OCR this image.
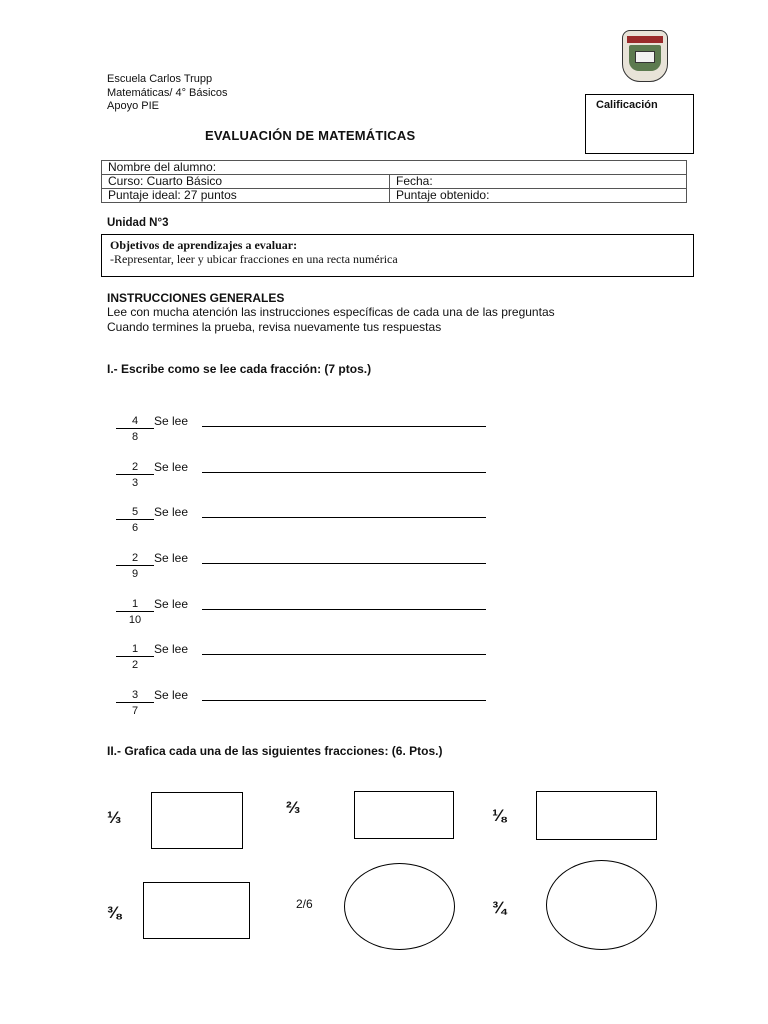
Escuela Carlos Trupp
Matemáticas/ 4° Básicos
Apoyo PIE	Calificación
EVALUACIÓN DE MATEMÁTICAS
Nombre del alumno:	
Curso: Cuarto Básico	Fecha:
Puntaje ideal: 27 puntos	Puntaje obtenido:
Unidad N°3
Objetivos de aprendizajes a evaluar:
-Representar, leer y ubicar fracciones en una recta numérica
INSTRUCCIONES GENERALES
Lee con mucha atención las instrucciones específicas de cada una de las preguntas
Cuando termines la prueba, revisa nuevamente tus respuestas
I.- Escribe como se lee cada fracción: (7 ptos.)
$\frac{4}{8}$
Se lee
$\frac{2}{3}$
Se lee
$\frac{5}{6}$
Se lee
$\frac{2}{9}$
Se lee
$\frac{1}{10}$
Se lee
$\frac{1}{2}$
Se lee
$\frac{3}{7}$
Se lee
II.- Grafica cada una de las siguientes fracciones: (6. Ptos.)
⅓
⅔	⅛
⅜	2/6	¾
